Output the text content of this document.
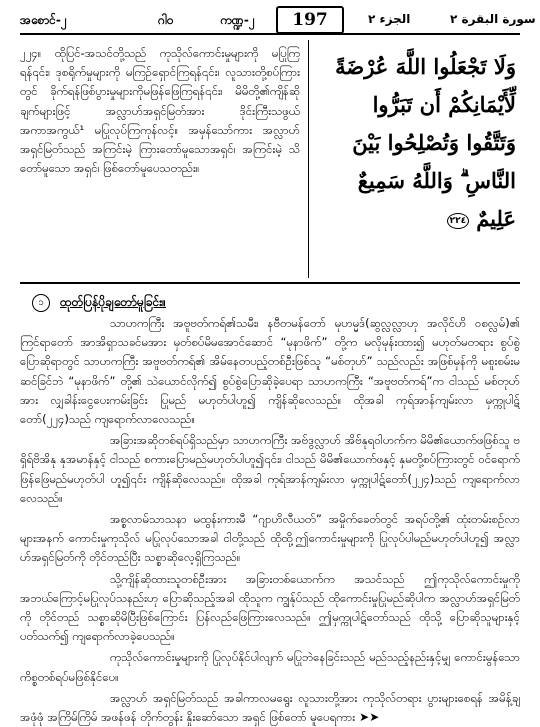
အစောင်-၂	ဂါ၀	ကဏ္ဍ-၂	197	الجزء ٢	سورة البقرة ٢
၂၂၄။ ထိုပြင်-အသင်တို့သည် ကုသိုလ်ကောင်းမှုများကို မပြုကြရန်၎င်း၊ ဒုစရိုက်မှုများကို မကြဉ်ရှောင်ကြရန်၎င်း၊ လူသားတို့စပ်ကြားတွင် ခိုက်ရန်ဖြစ်ပွားမှုများကိုမဖြန်ဖြေကြရန်၎င်း၊ မိမိတို့၏ကျိန်ဆိုချက်များဖြင့် အလ္လာဟ်အရှင်မြတ်အား ဒိုင်းကြီးသဖွယ် အကာအကွယ်¹ မပြုလုပ်ကြကုန်လင့်။ အမှန်သော်ကား အလ္လာဟ်အရှင်မြတ်သည် အကြင်းမဲ့ ကြားတော်မူသောအရှင်၊ အကြင်းမဲ့ သိတော်မူသော အရှင်၊ ဖြစ်တော်မူပေသတည်း။
وَلَا تَجْعَلُوا اللَّهَ عُرْضَةً
لِّأَيْمَانِكُمْ أَن تَبَرُّوا
وَتَتَّقُوا وَتُصْلِحُوا بَيْنَ
النَّاسِ ۗ وَاللَّهُ سَمِيعٌ
عَلِيمٌ ٢٢٤
၁	ထုတ်ပြန်ပိုချတော်မူခြင်း။

သာဟကကြီး အဗူဗတ်ကရ်၏သမီး၊ နဗီတမန်တော် မုဟမ္မဒ်(ဆွလ္လလ္လာဟု အလိုင်ဟိ ၀စလ္လမ်)၏ ကြင်ရာတော် အာအိရှာသခင်မအား မှတ်စပ်မိမအောင်ဆောင် “မုနာဖိက်” တို့က မလိုမုန်းထား၍ မဟုတ်မတရား စွပ်စွဲပြောဆိုရာတွင် သာဟကကြီး အဗူဗတ်ကရ်၏ အိမ်နေတပည့်တစ်ဦးဖြစ်သူ “မစ်တုဟ်” သည်လည်း အဖြစ်မှန်ကို မစူးစမ်းမဆင်ခြင်ဘဲ “မုနာဖိက်” တို့၏ သဲယောင်လိုက်၍ စွပ်စွဲပြောဆိုခဲ့ပေရာ သာဟကကြီး “အဗူဗတ်ကရ်”က ငါသည် မစ်တုဟ်အား လျှခါန်းငွေပေးကမ်းခြင်း ပြုမည် မဟုတ်ပါဟူ၍ ကျိန်ဆိုလေသည်။ ထိုအခါ ကုရ်အာန်ကျမ်းလာ မှက္ကုပါဋ်တော်(၂၂၄)သည် ကျရောက်လာလေသည်။

အခြားအဆိုတစ်ရပ်ရှိသည်မှာ သာဟကကြီး အဗ်ဒွလ္လာဟ် အိဗ်နုရဝါဟက်က မိမိ၏ယောက်ဖဖြစ်သူ ဗရှိရ်ဗိအိနု နုအမာန်နှင့် ငါသည် စကားပြောမည်မဟုတ်ပါဟူ၍၎င်း၊ ငါသည် မိမိ၏ယောက်ဖနှင့် နှမတို့စပ်ကြားတွင် ဝင်ရောက်ဖြန်ဖြေမည်မဟုတ်ပါ ဟူ၍၎င်း ကျိန်ဆိုလေသည်။ ထိုအခါ ကုရ်အာန်ကျမ်းလာ မှက္ကုပါဋ်တော်(၂၂၄)သည် ကျရောက်လာလေသည်။

အစ္စလာမ်သာသနာ မထွန်းကားမီ “ဂျာဟိလီယတ်” အမှိုက်ခေတ်တွင် အရပ်တို့၏ ထုံးတမ်းစဉ်လာများအနက် ကောင်းမှုကုသိုလ် မပြုလုပ်သောအခါ ငါတို့သည် ထိုထို့ဤကောင်းမှုများကို ပြုလုပ်ပါမည်မဟုတ်ပါဟူ၍ အလ္လာဟ်အရှင်မြတ်ကို တိုင်တည်ပြီး သစ္စာဆိုလေ့ရှိကြသည်။

သို့ကျိန်ဆိုထားသူတစ်ဦးအား အခြားတစ်ယောက်က အသင်သည် ဤကုသိုလ်ကောင်းမှုကို အဘယ်ကြောင့်မပြုလုပ်သနည်းဟု ပြောဆိုသည့်အခါ ထိုသူက ကျွန်ုပ်သည် ထိုကောင်းမှုပြုမည်ဆိုပါက အလ္လာဟ်အရှင်မြတ်ကို တိုင်တည် သစ္စာဆိုမိပြီးဖြစ်ကြောင်း ပြန်လည်ဖြေကြားလေသည်။ ဤမှက္ကုပါဋ်တော်သည် ထိုသို့ ပြောဆိုသူများနှင့်ပတ်သက်၍ ကျရောက်လာခဲ့ပေသည်။

ကုသိုလ်ကောင်းမှုများကို ပြုလုပ်နိုင်ပါလျက် မပြုဘဲနေခြင်းသည် မည်သည့်နည်းနှင့်မျှ ကောင်းမွန်သော ကိစ္စတစ်ရပ်မဖြစ်နိုင်ပေ။

အလ္လာဟ် အရှင်မြတ်သည် အခါကာလမရွေး လူသားတို့အား ကုသိုလ်တရား ပွားများစေရန် အမိန့်ချ အဖုံဖုံ အကြိမ်ကြိမ် အဖန်ဖန် တိုက်တွန်း နှိုးဆော်သော အရှင် ဖြစ်တော် မူပေရကား ➤➤
